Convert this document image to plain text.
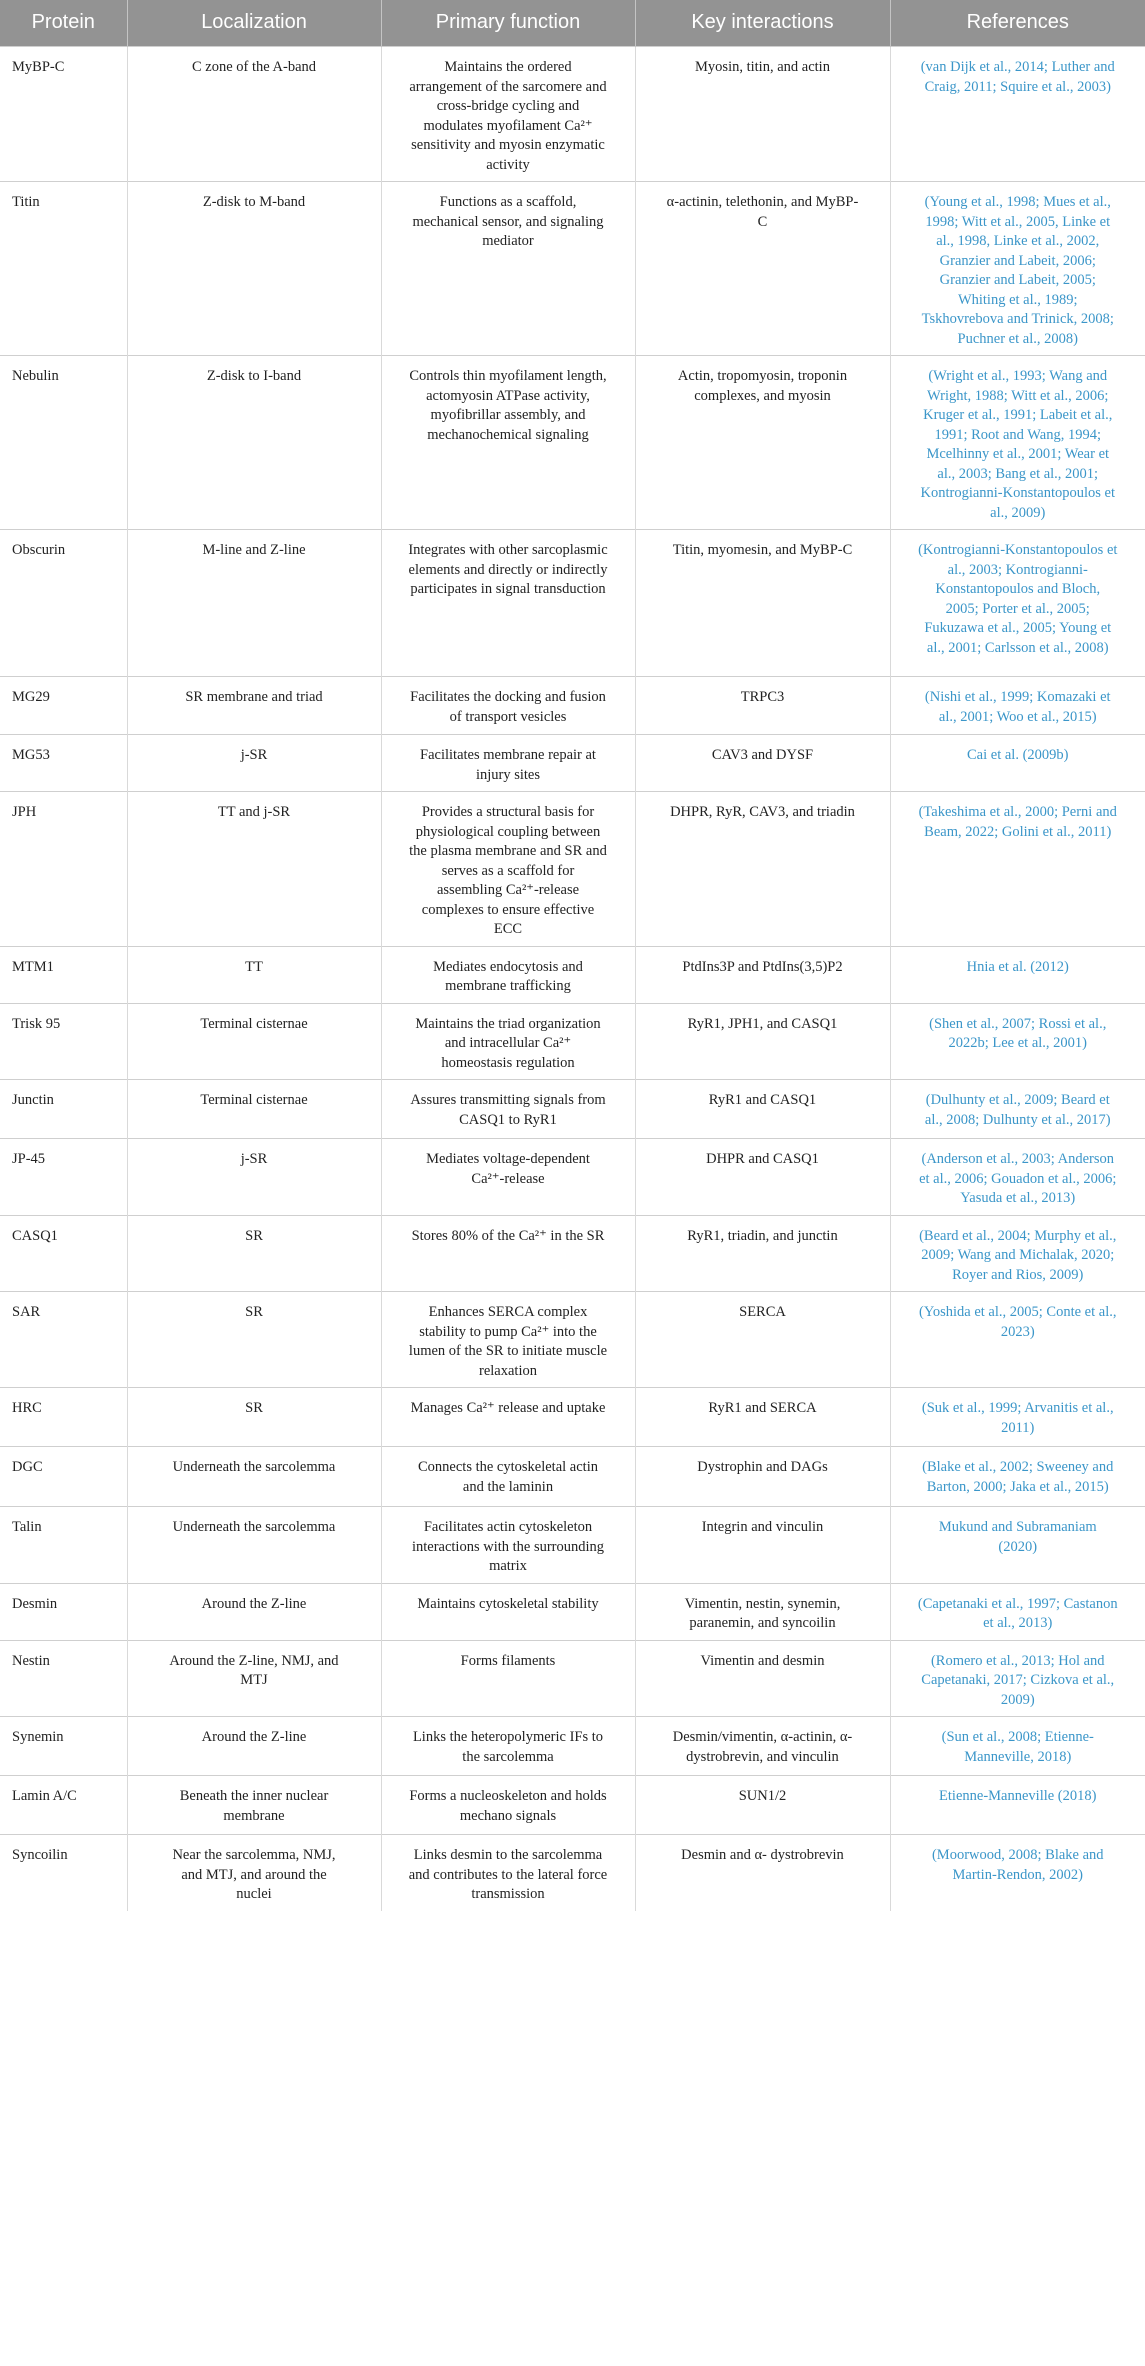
Protein	Localization	Primary function	Key interactions	References

MyBP-C	C zone of the A-band	Maintains the ordered arrangement of the sarcomere and cross-bridge cycling and modulates myofilament Ca²⁺ sensitivity and myosin enzymatic activity	Myosin, titin, and actin	(van Dijk et al., 2014; Luther and Craig, 2011; Squire et al., 2003)

Titin	Z-disk to M-band	Functions as a scaffold, mechanical sensor, and signaling mediator	α-actinin, telethonin, and MyBP-C	(Young et al., 1998; Mues et al., 1998; Witt et al., 2005, Linke et al., 1998, Linke et al., 2002, Granzier and Labeit, 2006; Granzier and Labeit, 2005; Whiting et al., 1989; Tskhovrebova and Trinick, 2008; Puchner et al., 2008)

Nebulin	Z-disk to I-band	Controls thin myofilament length, actomyosin ATPase activity, myofibrillar assembly, and mechanochemical signaling	Actin, tropomyosin, troponin complexes, and myosin	(Wright et al., 1993; Wang and Wright, 1988; Witt et al., 2006; Kruger et al., 1991; Labeit et al., 1991; Root and Wang, 1994; Mcelhinny et al., 2001; Wear et al., 2003; Bang et al., 2001; Kontrogianni-Konstantopoulos et al., 2009)

Obscurin	M-line and Z-line	Integrates with other sarcoplasmic elements and directly or indirectly participates in signal transduction	Titin, myomesin, and MyBP-C	(Kontrogianni-Konstantopoulos et al., 2003; Kontrogianni-Konstantopoulos and Bloch, 2005; Porter et al., 2005; Fukuzawa et al., 2005; Young et al., 2001; Carlsson et al., 2008)

MG29	SR membrane and triad	Facilitates the docking and fusion of transport vesicles	TRPC3	(Nishi et al., 1999; Komazaki et al., 2001; Woo et al., 2015)

MG53	j-SR	Facilitates membrane repair at injury sites	CAV3 and DYSF	Cai et al. (2009b)

JPH	TT and j-SR	Provides a structural basis for physiological coupling between the plasma membrane and SR and serves as a scaffold for assembling Ca²⁺-release complexes to ensure effective ECC	DHPR, RyR, CAV3, and triadin	(Takeshima et al., 2000; Perni and Beam, 2022; Golini et al., 2011)

MTM1	TT	Mediates endocytosis and membrane trafficking	PtdIns3P and PtdIns(3,5)P2	Hnia et al. (2012)

Trisk 95	Terminal cisternae	Maintains the triad organization and intracellular Ca²⁺ homeostasis regulation	RyR1, JPH1, and CASQ1	(Shen et al., 2007; Rossi et al., 2022b; Lee et al., 2001)

Junctin	Terminal cisternae	Assures transmitting signals from CASQ1 to RyR1	RyR1 and CASQ1	(Dulhunty et al., 2009; Beard et al., 2008; Dulhunty et al., 2017)

JP-45	j-SR	Mediates voltage-dependent Ca²⁺-release	DHPR and CASQ1	(Anderson et al., 2003; Anderson et al., 2006; Gouadon et al., 2006; Yasuda et al., 2013)

CASQ1	SR	Stores 80% of the Ca²⁺ in the SR	RyR1, triadin, and junctin	(Beard et al., 2004; Murphy et al., 2009; Wang and Michalak, 2020; Royer and Rios, 2009)

SAR	SR	Enhances SERCA complex stability to pump Ca²⁺ into the lumen of the SR to initiate muscle relaxation	SERCA	(Yoshida et al., 2005; Conte et al., 2023)

HRC	SR	Manages Ca²⁺ release and uptake	RyR1 and SERCA	(Suk et al., 1999; Arvanitis et al., 2011)

DGC	Underneath the sarcolemma	Connects the cytoskeletal actin and the laminin	Dystrophin and DAGs	(Blake et al., 2002; Sweeney and Barton, 2000; Jaka et al., 2015)

Talin	Underneath the sarcolemma	Facilitates actin cytoskeleton interactions with the surrounding matrix	Integrin and vinculin	Mukund and Subramaniam (2020)

Desmin	Around the Z-line	Maintains cytoskeletal stability	Vimentin, nestin, synemin, paranemin, and syncoilin	(Capetanaki et al., 1997; Castanon et al., 2013)

Nestin	Around the Z-line, NMJ, and MTJ	Forms filaments	Vimentin and desmin	(Romero et al., 2013; Hol and Capetanaki, 2017; Cizkova et al., 2009)

Synemin	Around the Z-line	Links the heteropolymeric IFs to the sarcolemma	Desmin/vimentin, α-actinin, α-dystrobrevin, and vinculin	(Sun et al., 2008; Etienne-Manneville, 2018)

Lamin A/C	Beneath the inner nuclear membrane	Forms a nucleoskeleton and holds mechano signals	SUN1/2	Etienne-Manneville (2018)

Syncoilin	Near the sarcolemma, NMJ, and MTJ, and around the nuclei	Links desmin to the sarcolemma and contributes to the lateral force transmission	Desmin and α- dystrobrevin	(Moorwood, 2008; Blake and Martin-Rendon, 2002)
